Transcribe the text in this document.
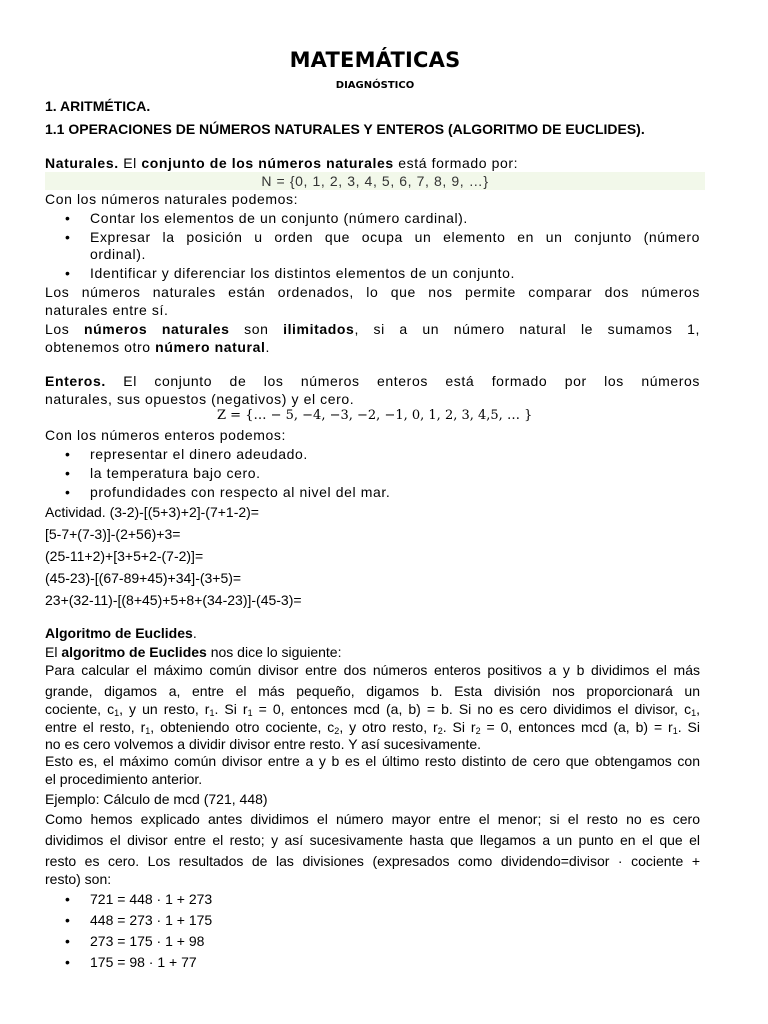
MATEMÁTICAS
DIAGNÓSTICO
1. ARITMÉTICA.
1.1 OPERACIONES DE NÚMEROS NATURALES Y ENTEROS (ALGORITMO DE EUCLIDES).
Naturales. El conjunto de los números naturales está formado por:
N = {0, 1, 2, 3, 4, 5, 6, 7, 8, 9, …}
Con los números naturales podemos:
•	Contar los elementos de un conjunto (número cardinal).
•	Expresar la posición u orden que ocupa un elemento en un conjunto (número
ordinal).
•	Identificar y diferenciar los distintos elementos de un conjunto.
Los números naturales están ordenados, lo que nos permite comparar dos números
naturales entre sí.
Los números naturales son ilimitados, si a un número natural le sumamos 1,
obtenemos otro número natural.
Enteros. El conjunto de los números enteros está formado por los números
naturales, sus opuestos (negativos) y el cero.
Z = {… − 5, −4, −3, −2, −1, 0, 1, 2, 3, 4,5, … }
Con los números enteros podemos:
•	representar el dinero adeudado.
•	la temperatura bajo cero.
•	profundidades con respecto al nivel del mar.
Actividad. (3-2)-[(5+3)+2]-(7+1-2)=
[5-7+(7-3)]-(2+56)+3=
(25-11+2)+[3+5+2-(7-2)]=
(45-23)-[(67-89+45)+34]-(3+5)=
23+(32-11)-[(8+45)+5+8+(34-23)]-(45-3)=
Algoritmo de Euclides.
El algoritmo de Euclides nos dice lo siguiente:
Para calcular el máximo común divisor entre dos números enteros positivos a y b dividimos el más
grande, digamos a, entre el más pequeño, digamos b. Esta división nos proporcionará un
cociente, $c_1$, y un resto, $r_1$. Si $r_1 = 0$, entonces mcd (a, b) = b. Si no es cero dividimos el divisor, $c_1$,
entre el resto, $r_1$, obteniendo otro cociente, $c_2$, y otro resto, $r_2$. Si $r_2 = 0$, entonces mcd (a, $b) = r_1$. Si
no es cero volvemos a dividir divisor entre resto. Y así sucesivamente.
Esto es, el máximo común divisor entre a y b es el último resto distinto de cero que obtengamos con
el procedimiento anterior.
Ejemplo: Cálculo de mcd (721, 448)
Como hemos explicado antes dividimos el número mayor entre el menor; si el resto no es cero
dividimos el divisor entre el resto; y así sucesivamente hasta que llegamos a un punto en el que el
resto es cero. Los resultados de las divisiones (expresados como dividendo=divisor · cociente +
resto) son:
•	721 = 448 · 1 + 273
•	448 = 273 · 1 + 175
•	273 = 175 · 1 + 98
•	175 = 98 · 1 + 77
